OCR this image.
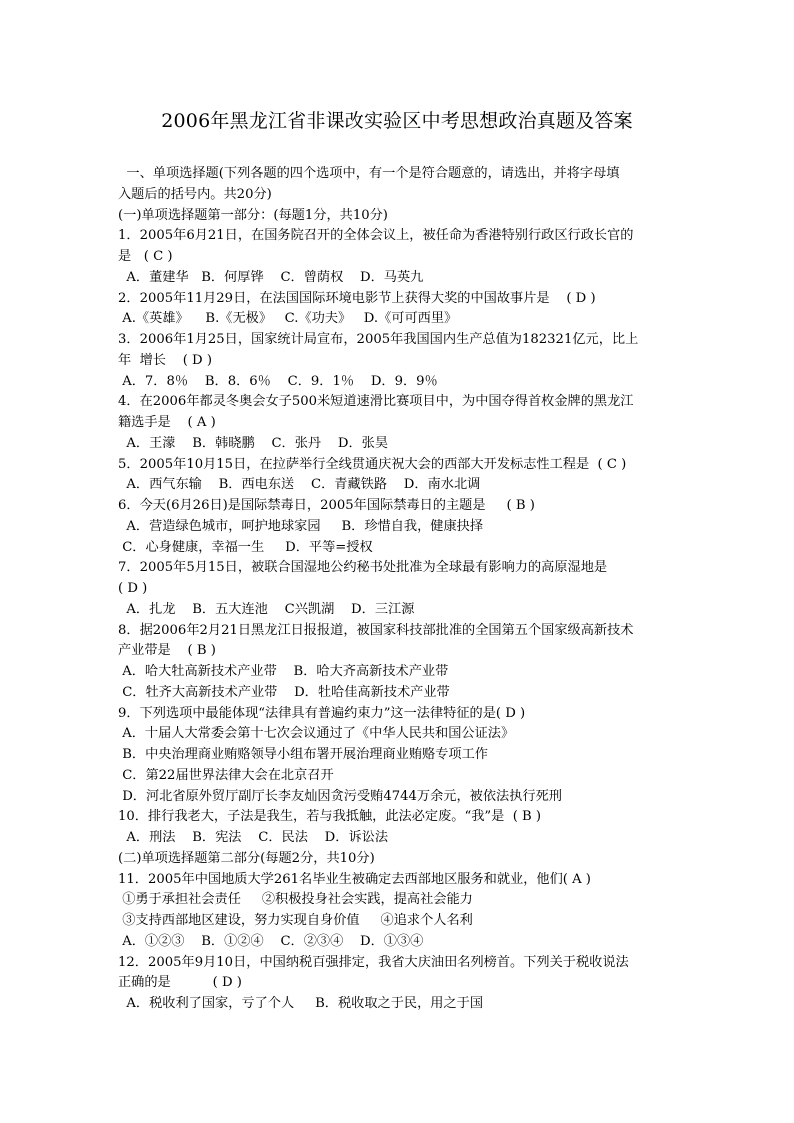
2006年黑龙江省非课改实验区中考思想政治真题及答案
一、单项选择题(下列各题的四个选项中，有一个是符合题意的，请选出，并将字母填
入题后的括号内。共20分)
(一)单项选择题第一部分：(每题1分，共10分)
1．2005年6月21日，在国务院召开的全体会议上，被任命为香港特别行政区行政长官的
是   ( C )
A．董建华   B．何厚铧    C．曾荫权    D．马英九
2．2005年11月29日，在法国国际环境电影节上获得大奖的中国故事片是    ( D )
A.《英雄》    B.《无极》   C.《功夫》   D.《可可西里》
3．2006年1月25日，国家统计局宣布，2005年我国国内生产总值为182321亿元，比上
年  增长    ( D )
A．7．8％    B．8．6％    C．9．1％    D．9．9％
4．在2006年都灵冬奥会女子500米短道速滑比赛项目中，为中国夺得首枚金牌的黑龙江
籍选手是    ( A )
A．王濛    B．韩晓鹏    C．张丹    D．张昊
5．2005年10月15日，在拉萨举行全线贯通庆祝大会的西部大开发标志性工程是  ( C )
A．西气东输    B．西电东送    C．青藏铁路    D．南水北调
6．今天(6月26日)是国际禁毒日，2005年国际禁毒日的主题是     ( B )
A．营造绿色城市，呵护地球家园     B．珍惜自我，健康抉择
C．心身健康，幸福一生     D．平等=授权
7．2005年5月15日，被联合国湿地公约秘书处批准为全球最有影响力的高原湿地是
( D )
A．扎龙    B．五大连池    C兴凯湖    D．三江源
8．据2006年2月21日黑龙江日报报道，被国家科技部批准的全国第五个国家级高新技术
产业带是    ( B )
A．哈大牡高新技术产业带    B．哈大齐高新技术产业带
C．牡齐大高新技术产业带    D．牡哈佳高新技术产业带
9．下列选项中最能体现“法律具有普遍约束力”这一法律特征的是( D )
A．十届人大常委会第十七次会议通过了《中华人民共和国公证法》
B．中央治理商业贿赂领导小组布署开展治理商业贿赂专项工作
C．第22届世界法律大会在北京召开
D．河北省原外贸厅副厅长李友灿因贪污受贿4744万余元，被依法执行死刑
10．排行我老大，子法是我生，若与我抵触，此法必定废。“我”是  ( B )
A．刑法    B．宪法    C．民法    D．诉讼法
(二)单项选择题第二部分(每题2分，共10分)
11．2005年中国地质大学261名毕业生被确定去西部地区服务和就业，他们( A )
①勇于承担社会责任     ②积极投身社会实践，提高社会能力
③支持西部地区建设，努力实现自身价值     ④追求个人名利
A．①②③    B．①②④    C．②③④    D．①③④
12．2005年9月10日，中国纳税百强排定，我省大庆油田名列榜首。下列关于税收说法
正确的是          ( D )
A．税收利了国家，亏了个人     B．税收取之于民，用之于国
